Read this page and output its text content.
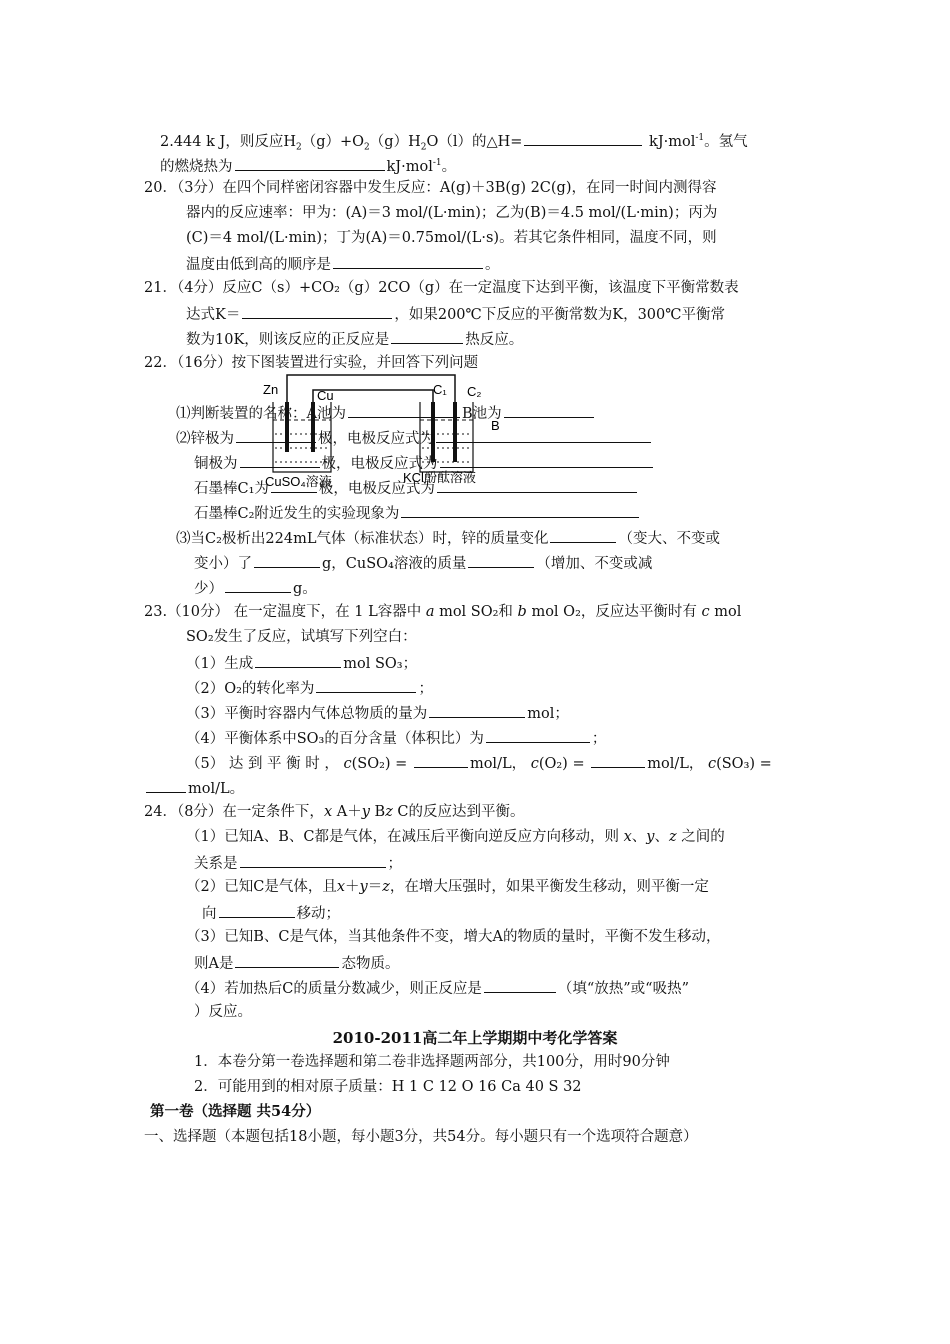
2.444 k J，则反应$H_2(g)+O_2(g)H_2O(l)$的△H=	kJ·mol$^{-1}$。氢气
的燃烧热为	kJ·mol$^{-1}$。
20．（3分）在四个同样密闭容器中发生反应：A(g)＋3B(g) 2C(g)，在同一时间内测得容
器内的反应速率：甲为：(A)＝3 mol/(L·min)；乙为(B)＝4.5 mol/(L·min)；丙为
(C)＝4 mol/(L·min)；丁为(A)＝0.75mol/(L·s)。若其它条件相同，温度不同，则
温度由低到高的顺序是	。
21．（4分）反应C（s）+CO₂（g）2CO（g）在一定温度下达到平衡，该温度下平衡常数表
达式K＝	，如果200℃下反应的平衡常数为K，300℃平衡常
数为10K，则该反应的正反应是	热反应。
22．（16分）按下图装置进行实验，并回答下列问题
Zn	Cu	C₁ C₂
B
CuSO₄溶液	KCl酚酞溶液
⑴判断装置的名称：A池为	B池为
⑵锌极为	极，电极反应式为
铜极为	极，电极反应式为
石墨棒C₁为	极，电极反应式为
石墨棒C₂附近发生的实验现象为
⑶当C₂极析出224mL气体（标准状态）时，锌的质量变化	（变大、不变或
变小）了	g，CuSO₄溶液的质量	（增加、不变或减
少）	g。
23.（10分） 在一定温度下，在 1 L容器中 a mol SO₂和 b mol O₂，反应达平衡时有 c mol
SO₂发生了反应，试填写下列空白：
（1）生成	mol SO₃；
（2）O₂的转化率为	；
（3）平衡时容器内气体总物质的量为	mol；
（4）平衡体系中SO₃的百分含量（体积比）为	；
（5） 达 到 平 衡 时 ， c(SO₂) =	mol/L， c(O₂) =	mol/L， c(SO₃) =
mol/L。
24．（8分）在一定条件下，x A＋y Bz C的反应达到平衡。
（1）已知A、B、C都是气体，在减压后平衡向逆反应方向移动，则 x、y、z 之间的
关系是	；
（2）已知C是气体，且x＋y＝z，在增大压强时，如果平衡发生移动，则平衡一定
向	移动；
（3）已知B、C是气体，当其他条件不变，增大A的物质的量时，平衡不发生移动，
则A是	态物质。
（4）若加热后C的质量分数减少，则正反应是	（填“放热”或“吸热”
）反应。
2010-2011高二年上学期期中考化学答案
1．本卷分第一卷选择题和第二卷非选择题两部分，共100分，用时90分钟
2．可能用到的相对原子质量：H 1 C 12 O 16 Ca 40 S 32
第一卷（选择题 共54分）
一、选择题（本题包括18小题，每小题3分，共54分。每小题只有一个选项符合题意）
